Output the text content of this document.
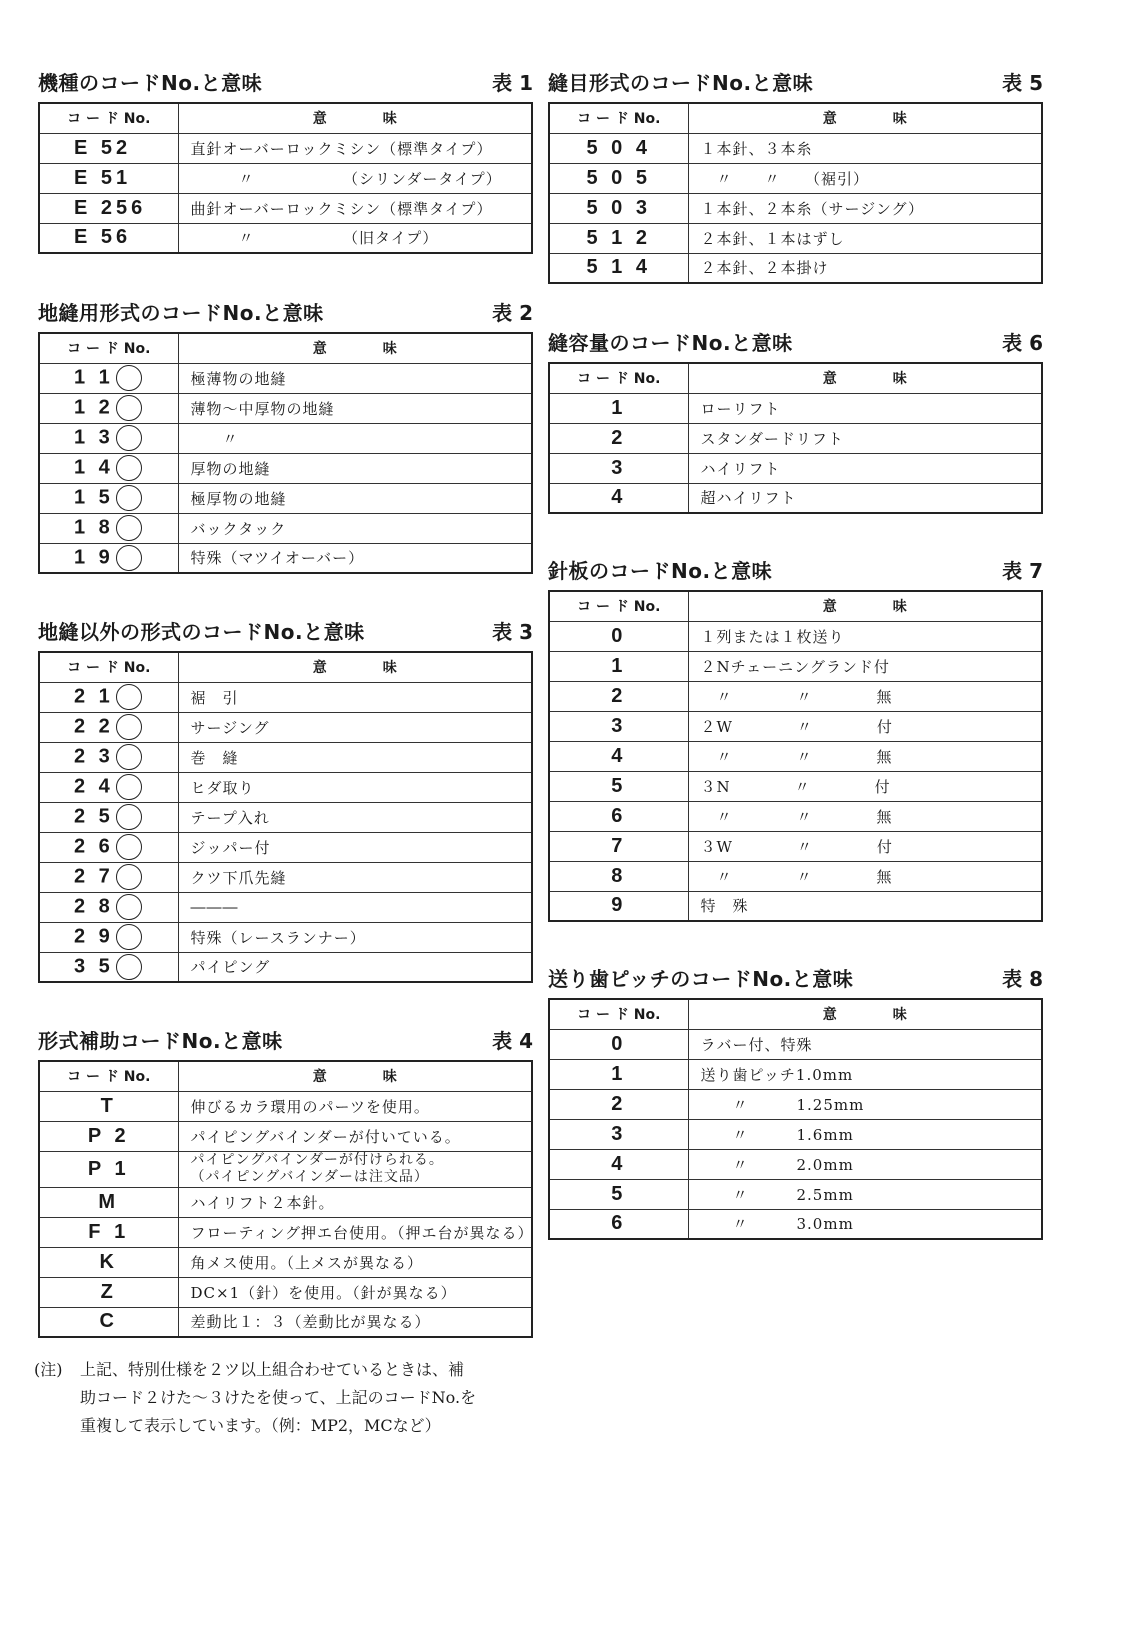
機種のコードNo.と意味	表 1
コ ー ド No.	意　　　　味
E 52	直針オーバーロックミシン（標準タイプ）
E 51	　　　〃　　　　　　（シリンダータイプ）
E 256	曲針オーバーロックミシン（標準タイプ）
E 56	　　　〃　　　　　　（旧タイプ）
地縫用形式のコードNo.と意味	表 2
コ ー ド No.	意　　　　味
1 1	極薄物の地縫
1 2	薄物～中厚物の地縫
1 3	　　〃
1 4	厚物の地縫
1 5	極厚物の地縫
1 8	バックタック
1 9	特殊（マツイオーバー）
地縫以外の形式のコードNo.と意味	表 3
コ ー ド No.	意　　　　味
2 1	裾　引
2 2	サージング
2 3	巻　縫
2 4	ヒダ取り
2 5	テープ入れ
2 6	ジッパー付
2 7	クツ下爪先縫
2 8	―――
2 9	特殊（レースランナー）
3 5	パイピング
形式補助コードNo.と意味	表 4
コ ー ド No.	意　　　　味
T	伸びるカラ環用のパーツを使用。
P 2	パイピングバインダーが付いている。
P 1	パイピングバインダーが付けられる。
（パイピングバインダーは注文品）
M	ハイリフト２本針。
F 1	フローティング押エ台使用。（押エ台が異なる）
K	角メス使用。（上メスが異なる）
Z	DC×1（針）を使用。（針が異なる）
C	差動比１：３（差動比が異なる）
縫目形式のコードNo.と意味	表 5
コ ー ド No.	意　　　　味
5 0 4	１本針、３本糸
5 0 5	　〃　　〃　　（裾引）
5 0 3	１本針、２本糸（サージング）
5 1 2	２本針、１本はずし
5 1 4	２本針、２本掛け
縫容量のコードNo.と意味	表 6
コ ー ド No.	意　　　　味
1	ローリフト
2	スタンダードリフト
3	ハイリフト
4	超ハイリフト
針板のコードNo.と意味	表 7
コ ー ド No.	意　　　　味
0	１列または１枚送り
1	２Nチェーニングランド付
2	　〃　　　　〃　　　　無
3	２W　　　　〃　　　　付
4	　〃　　　　〃　　　　無
5	３N　　　　〃　　　　付
6	　〃　　　　〃　　　　無
7	３W　　　　〃　　　　付
8	　〃　　　　〃　　　　無
9	特　殊
送り歯ピッチのコードNo.と意味	表 8
コ ー ド No.	意　　　　味
0	ラバー付、特殊
1	送り歯ピッチ1.0mm
2	　　〃　　　1.25mm
3	　　〃　　　1.6mm
4	　　〃　　　2.0mm
5	　　〃　　　2.5mm
6	　　〃　　　3.0mm
(注) 上記、特別仕様を２ツ以上組合わせているときは、補
助コード２けた～３けたを使って、上記のコードNo.を
重複して表示しています。（例：MP2，MCなど）
